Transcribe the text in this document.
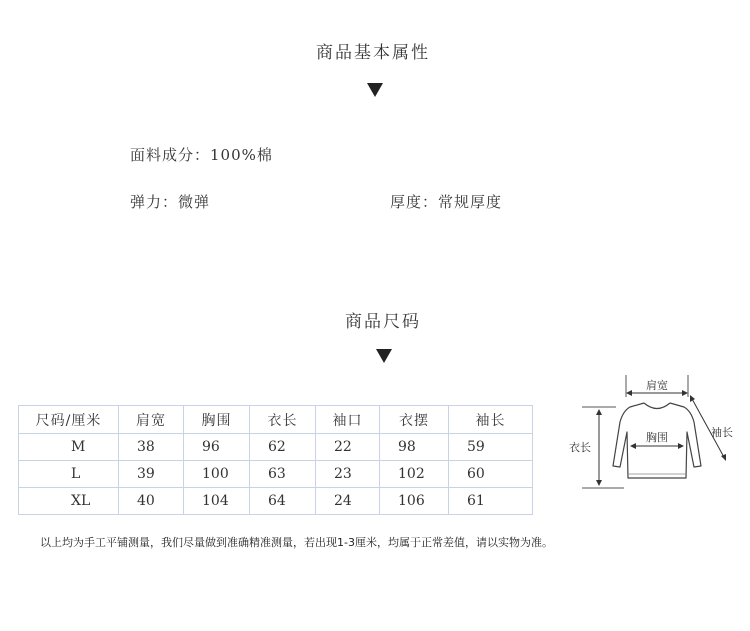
商品基本属性
面料成分：100%棉
弹力：微弹	厚度：常规厚度
商品尺码
尺码/厘米	肩宽	胸围	衣长	袖口	衣摆	袖长
M	38	96	62	22	98	59
L	39	100	63	23	102	60
XL	40	104	64	24	106	61
肩宽
胸围
衣长
袖长
以上均为手工平铺测量，我们尽量做到准确精准测量，若出现1-3厘米，均属于正常差值，请以实物为准。
